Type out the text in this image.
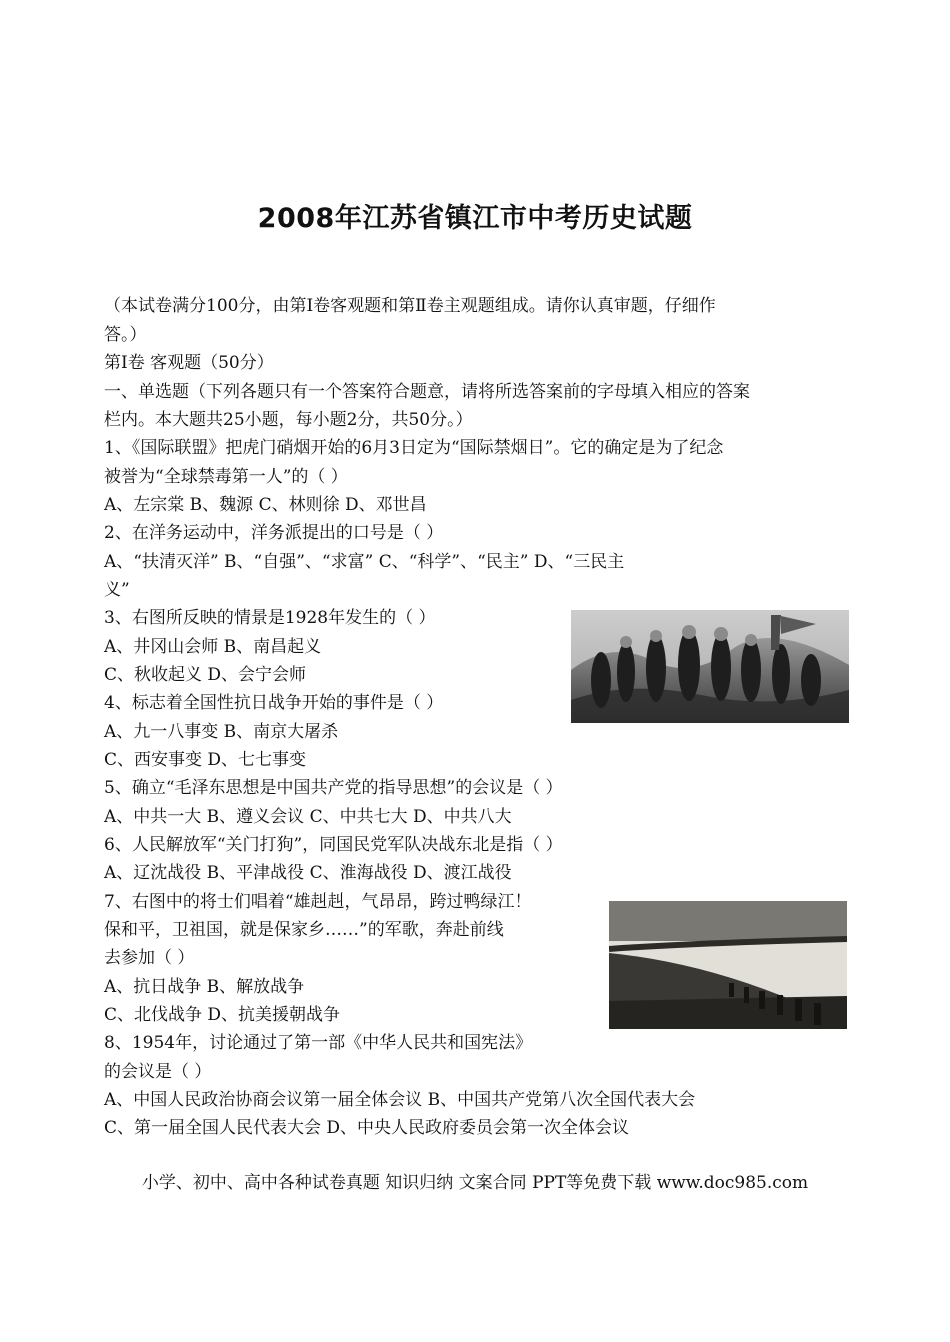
2008年江苏省镇江市中考历史试题
（本试卷满分100分，由第Ⅰ卷客观题和第Ⅱ卷主观题组成。请你认真审题，仔细作
答。）
第Ⅰ卷 客观题（50分）
一、单选题（下列各题只有一个答案符合题意，请将所选答案前的字母填入相应的答案
栏内。本大题共25小题，每小题2分，共50分。）
1、《国际联盟》把虎门硝烟开始的6月3日定为“国际禁烟日”。它的确定是为了纪念
被誉为“全球禁毒第一人”的（ ）
A、左宗棠 B、魏源 C、林则徐 D、邓世昌
2、在洋务运动中，洋务派提出的口号是（ ）
A、“扶清灭洋” B、“自强”、“求富” C、“科学”、“民主” D、“三民主
义”
3、右图所反映的情景是1928年发生的（ ）
A、井冈山会师 B、南昌起义
C、秋收起义 D、会宁会师
4、标志着全国性抗日战争开始的事件是（ ）
A、九一八事变 B、南京大屠杀
C、西安事变 D、七七事变
5、确立“毛泽东思想是中国共产党的指导思想”的会议是（ ）
A、中共一大 B、遵义会议 C、中共七大 D、中共八大
6、人民解放军“关门打狗”，同国民党军队决战东北是指（ ）
A、辽沈战役 B、平津战役 C、淮海战役 D、渡江战役
7、右图中的将士们唱着“雄赳赳，气昂昂，跨过鸭绿江！
保和平，卫祖国，就是保家乡……”的军歌，奔赴前线
去参加（ ）
A、抗日战争 B、解放战争
C、北伐战争 D、抗美援朝战争
8、1954年，讨论通过了第一部《中华人民共和国宪法》
的会议是（ ）
A、中国人民政治协商会议第一届全体会议 B、中国共产党第八次全国代表大会
C、第一届全国人民代表大会 D、中央人民政府委员会第一次全体会议
小学、初中、高中各种试卷真题 知识归纳 文案合同 PPT等免费下载 www.doc985.com
